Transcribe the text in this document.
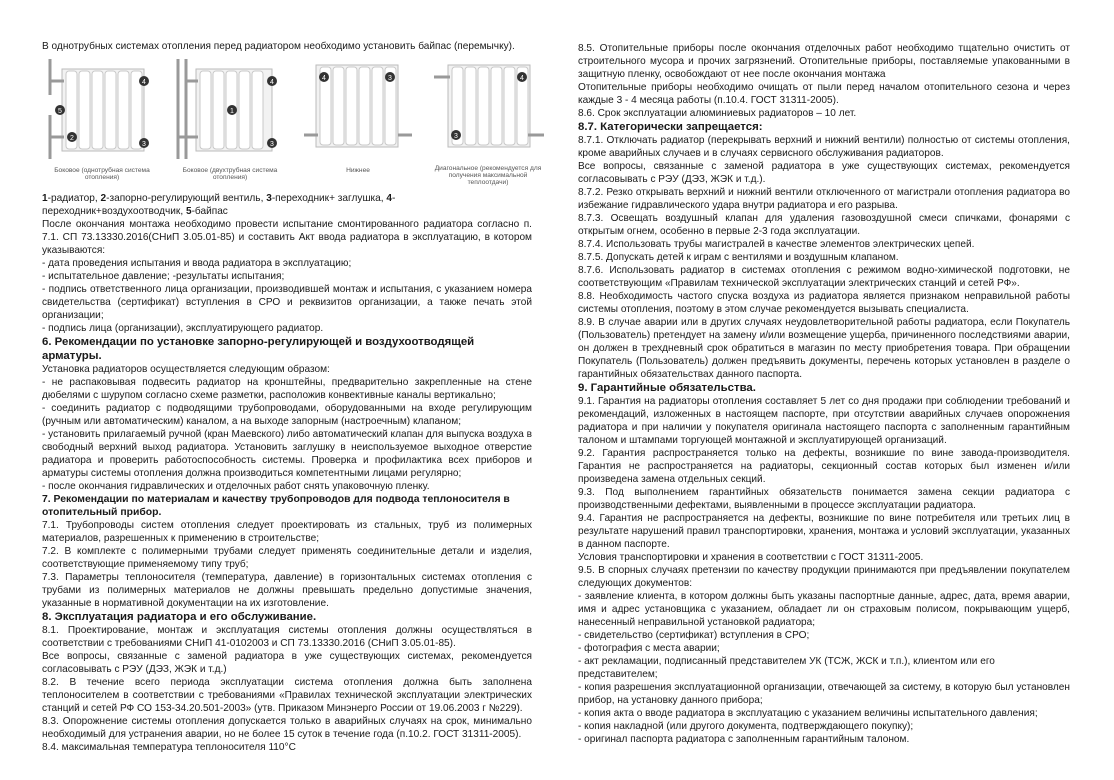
В однотрубных системах отопления перед радиатором необходимо установить байпас (перемычку).

4
5
2
3
Боковое (однотрубная система отопления)
1
4
3
Боковое (двухтрубная система отопления)
4	3
Нижнее
3
4
Диагональное (рекомендуется для получения максимальной теплоотдачи)

1-радиатор, 2-запорно-регулирующий вентиль, 3-переходник+ заглушка, 4-переходник+воздухоотводчик, 5-байпас

После окончания монтажа необходимо провести испытание смонтированного радиатора согласно п. 7.1. СП 73.13330.2016(СНиП 3.05.01-85) и составить Акт ввода радиатора в эксплуатацию, в котором указываются:

- дата проведения испытания и ввода радиатора в эксплуатацию;

- испытательное давление; -результаты испытания;

- подпись ответственного лица организации, производившей монтаж и испытания, с указанием номера свидетельства (сертификат) вступления в СРО и реквизитов организации, а также печать этой организации;

- подпись лица (организации), эксплуатирующего радиатор.

6. Рекомендации по установке запорно-регулирующей и воздухоотводящей арматуры.

Установка радиаторов осуществляется следующим образом:

- не распаковывая подвесить радиатор на кронштейны, предварительно закрепленные на стене дюбелями с шурупом согласно схеме разметки, расположив конвективные каналы вертикально;

- соединить радиатор с подводящими трубопроводами, оборудованными на входе регулирующим (ручным или автоматическим) каналом, а на выходе запорным (настроечным) клапаном;

- установить прилагаемый ручной (кран Маевского) либо автоматический клапан для выпуска воздуха в свободный верхний выход радиатора. Установить заглушку в неиспользуемое выходное отверстие радиатора и проверить работоспособность системы. Проверка и профилактика всех приборов и арматуры системы отопления должна производиться компетентными лицами регулярно;

- после окончания гидравлических и отделочных работ снять упаковочную пленку.

7. Рекомендации по материалам и качеству трубопроводов для подвода теплоносителя в отопительный прибор.

7.1. Трубопроводы систем отопления следует проектировать из стальных, труб из полимерных материалов, разрешенных к применению в строительстве;

7.2. В комплекте с полимерными трубами следует применять соединительные детали и изделия, соответствующие применяемому типу труб;

7.3. Параметры теплоносителя (температура, давление) в горизонтальных системах отопления с трубами из полимерных материалов не должны превышать предельно допустимые значения, указанные в нормативной документации на их изготовление.

8. Эксплуатация радиатора и его обслуживание.

8.1. Проектирование, монтаж и эксплуатация системы отопления должны осуществляться в соответствии с требованиями СНиП 41-0102003 и СП 73.13330.2016 (СНиП 3.05.01-85).

Все вопросы, связанные с заменой радиатора в уже существующих системах, рекомендуется согласовывать с РЭУ (ДЭЗ, ЖЭК и т.д.)

8.2. В течение всего периода эксплуатации система отопления должна быть заполнена теплоносителем в соответствии с требованиями «Правилах технической эксплуатации электрических станций и сетей РФ СО 153-34.20.501-2003» (утв. Приказом Минэнерго России от 19.06.2003 г №229).

8.3. Опорожнение системы отопления допускается только в аварийных случаях на срок, минимально необходимый для устранения аварии, но не более 15 суток в течение года (п.10.2. ГОСТ 31311-2005).

8.4. максимальная температура теплоносителя 110°С

8.5. Отопительные приборы после окончания отделочных работ необходимо тщательно очистить от строительного мусора и прочих загрязнений. Отопительные приборы, поставляемые упакованными в защитную пленку, освобождают от нее после окончания монтажа

Отопительные приборы необходимо очищать от пыли перед началом отопительного сезона и через каждые 3 - 4 месяца работы (п.10.4. ГОСТ 31311-2005).

8.6. Срок эксплуатации алюминиевых радиаторов – 10 лет.

8.7. Категорически запрещается:

8.7.1. Отключать радиатор (перекрывать верхний и нижний вентили) полностью от системы отопления, кроме аварийных случаев и в случаях сервисного обслуживания радиаторов.

Все вопросы, связанные с заменой радиатора в уже существующих системах, рекомендуется согласовывать с РЭУ (ДЭЗ, ЖЭК и т.д.).

8.7.2. Резко открывать верхний и нижний вентили отключенного от магистрали отопления радиатора во избежание гидравлического удара внутри радиатора и его разрыва.

8.7.3. Освещать воздушный клапан для удаления газовоздушной смеси спичками, фонарями с открытым огнем, особенно в первые 2-3 года эксплуатации.

8.7.4. Использовать трубы магистралей в качестве элементов электрических цепей.

8.7.5. Допускать детей к играм с вентилями и воздушным клапаном.

8.7.6. Использовать радиатор в системах отопления с режимом водно-химической подготовки, не соответствующим «Правилам технической эксплуатации электрических станций и сетей РФ».

8.8. Необходимость частого спуска воздуха из радиатора является признаком неправильной работы системы отопления, поэтому в этом случае рекомендуется вызывать специалиста.

8.9. В случае аварии или в других случаях неудовлетворительной работы радиатора, если Покупатель (Пользователь) претендует на замену и/или возмещение ущерба, причиненного последствиями аварии, он должен в трехдневный срок обратиться в магазин по месту приобретения товара. При обращении Покупатель (Пользователь) должен предъявить документы, перечень которых установлен в разделе о гарантийных обязательствах данного паспорта.

9. Гарантийные обязательства.

9.1. Гарантия на радиаторы отопления составляет 5 лет со дня продажи при соблюдении требований и рекомендаций, изложенных в настоящем паспорте, при отсутствии аварийных случаев опорожнения радиатора и при наличии у покупателя оригинала настоящего паспорта с заполненным гарантийным талоном и штампами торгующей монтажной и эксплуатирующей организаций.

9.2. Гарантия распространяется только на дефекты, возникшие по вине завода-производителя. Гарантия не распространяется на радиаторы, секционный состав которых был изменен и/или произведена замена отдельных секций.

9.3. Под выполнением гарантийных обязательств понимается замена секции радиатора с производственными дефектами, выявленными в процессе эксплуатации радиатора.

9.4. Гарантия не распространяется на дефекты, возникшие по вине потребителя или третьих лиц в результате нарушений правил транспортировки, хранения, монтажа и условий эксплуатации, указанных в данном паспорте.

Условия транспортировки и хранения в соответствии с ГОСТ 31311-2005.

9.5. В спорных случаях претензии по качеству продукции принимаются при предъявлении покупателем следующих документов:

- заявление клиента, в котором должны быть указаны паспортные данные, адрес, дата, время аварии, имя и адрес установщика с указанием, обладает ли он страховым полисом, покрывающим ущерб, нанесенный неправильной установкой радиатора;

- свидетельство (сертификат) вступления в СРО;

- фотография с места аварии;

- акт рекламации, подписанный представителем УК (ТСЖ, ЖСК и т.п.), клиентом или его представителем;

- копия разрешения эксплуатационной организации, отвечающей за систему, в которую был установлен прибор, на установку данного прибора;

- копия акта о вводе радиатора в эксплуатацию с указанием величины испытательного давления;

- копия накладной (или другого документа, подтверждающего покупку);

- оригинал паспорта радиатора с заполненным гарантийным талоном.
